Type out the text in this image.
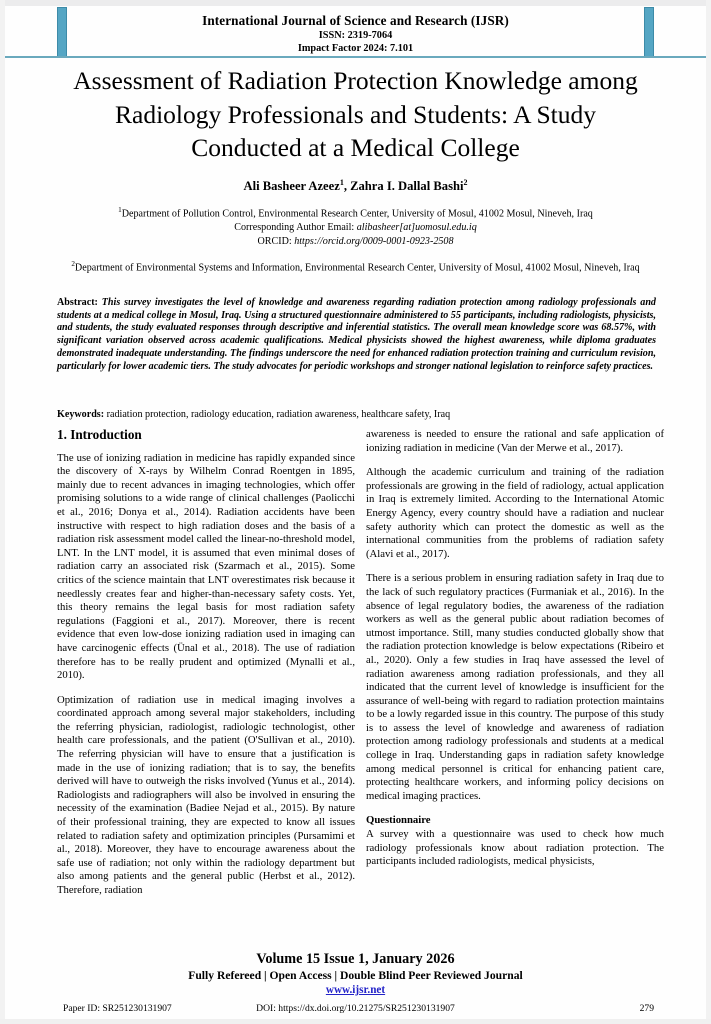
International Journal of Science and Research (IJSR)
ISSN: 2319-7064
Impact Factor 2024: 7.101
Assessment of Radiation Protection Knowledge among Radiology Professionals and Students: A Study Conducted at a Medical College
Ali Basheer Azeez$^1$, Zahra I. Dallal Bashi$^2$
$^1$Department of Pollution Control, Environmental Research Center, University of Mosul, 41002 Mosul, Nineveh, Iraq
Corresponding Author Email: alibasheer[at]uomosul.edu.iq
ORCID: https://orcid.org/0009-0001-0923-2508
$^2$Department of Environmental Systems and Information, Environmental Research Center, University of Mosul, 41002 Mosul, Nineveh, Iraq
Abstract: This survey investigates the level of knowledge and awareness regarding radiation protection among radiology professionals and students at a medical college in Mosul, Iraq. Using a structured questionnaire administered to 55 participants, including radiologists, physicists, and students, the study evaluated responses through descriptive and inferential statistics. The overall mean knowledge score was 68.57%, with significant variation observed across academic qualifications. Medical physicists showed the highest awareness, while diploma graduates demonstrated inadequate understanding. The findings underscore the need for enhanced radiation protection training and curriculum revision, particularly for lower academic tiers. The study advocates for periodic workshops and stronger national legislation to reinforce safety practices.
Keywords: radiation protection, radiology education, radiation awareness, healthcare safety, Iraq
1. Introduction

The use of ionizing radiation in medicine has rapidly expanded since the discovery of X-rays by Wilhelm Conrad Roentgen in 1895, mainly due to recent advances in imaging technologies, which offer promising solutions to a wide range of clinical challenges (Paolicchi et al., 2016; Donya et al., 2014). Radiation accidents have been instructive with respect to high radiation doses and the basis of a radiation risk assessment model called the linear-no-threshold model, LNT. In the LNT model, it is assumed that even minimal doses of radiation carry an associated risk (Szarmach et al., 2015). Some critics of the science maintain that LNT overestimates risk because it needlessly creates fear and higher-than-necessary safety costs. Yet, this theory remains the legal basis for most radiation safety regulations (Faggioni et al., 2017). Moreover, there is recent evidence that even low-dose ionizing radiation used in imaging can have carcinogenic effects (Ünal et al., 2018). The use of radiation therefore has to be really prudent and optimized (Mynalli et al., 2010).

Optimization of radiation use in medical imaging involves a coordinated approach among several major stakeholders, including the referring physician, radiologist, radiologic technologist, other health care professionals, and the patient (O'Sullivan et al., 2010). The referring physician will have to ensure that a justification is made in the use of ionizing radiation; that is to say, the benefits derived will have to outweigh the risks involved (Yunus et al., 2014). Radiologists and radiographers will also be involved in ensuring the necessity of the examination (Badiee Nejad et al., 2015). By nature of their professional training, they are expected to know all issues related to radiation safety and optimization principles (Pursamimi et al., 2018). Moreover, they have to encourage awareness about the safe use of radiation; not only within the radiology department but also among patients and the general public (Herbst et al., 2012). Therefore, radiation

awareness is needed to ensure the rational and safe application of ionizing radiation in medicine (Van der Merwe et al., 2017).

Although the academic curriculum and training of the radiation professionals are growing in the field of radiology, actual application in Iraq is extremely limited. According to the International Atomic Energy Agency, every country should have a radiation and nuclear safety authority which can protect the domestic as well as the international communities from the problems of radiation safety (Alavi et al., 2017).

There is a serious problem in ensuring radiation safety in Iraq due to the lack of such regulatory practices (Furmaniak et al., 2016). In the absence of legal regulatory bodies, the awareness of the radiation workers as well as the general public about radiation becomes of utmost importance. Still, many studies conducted globally show that the radiation protection knowledge is below expectations (Ribeiro et al., 2020). Only a few studies in Iraq have assessed the level of radiation awareness among radiation professionals, and they all indicated that the current level of knowledge is insufficient for the assurance of well-being with regard to radiation protection maintains to be a lowly regarded issue in this country. The purpose of this study is to assess the level of knowledge and awareness of radiation protection among radiology professionals and students at a medical college in Iraq. Understanding gaps in radiation safety knowledge among medical personnel is critical for enhancing patient care, protecting healthcare workers, and informing policy decisions on medical imaging practices.

Questionnaire

A survey with a questionnaire was used to check how much radiology professionals know about radiation protection. The participants included radiologists, medical physicists,

Volume 15 Issue 1, January 2026
Fully Refereed | Open Access | Double Blind Peer Reviewed Journal
www.ijsr.net
Paper ID: SR251230131907	DOI: https://dx.doi.org/10.21275/SR251230131907	279
